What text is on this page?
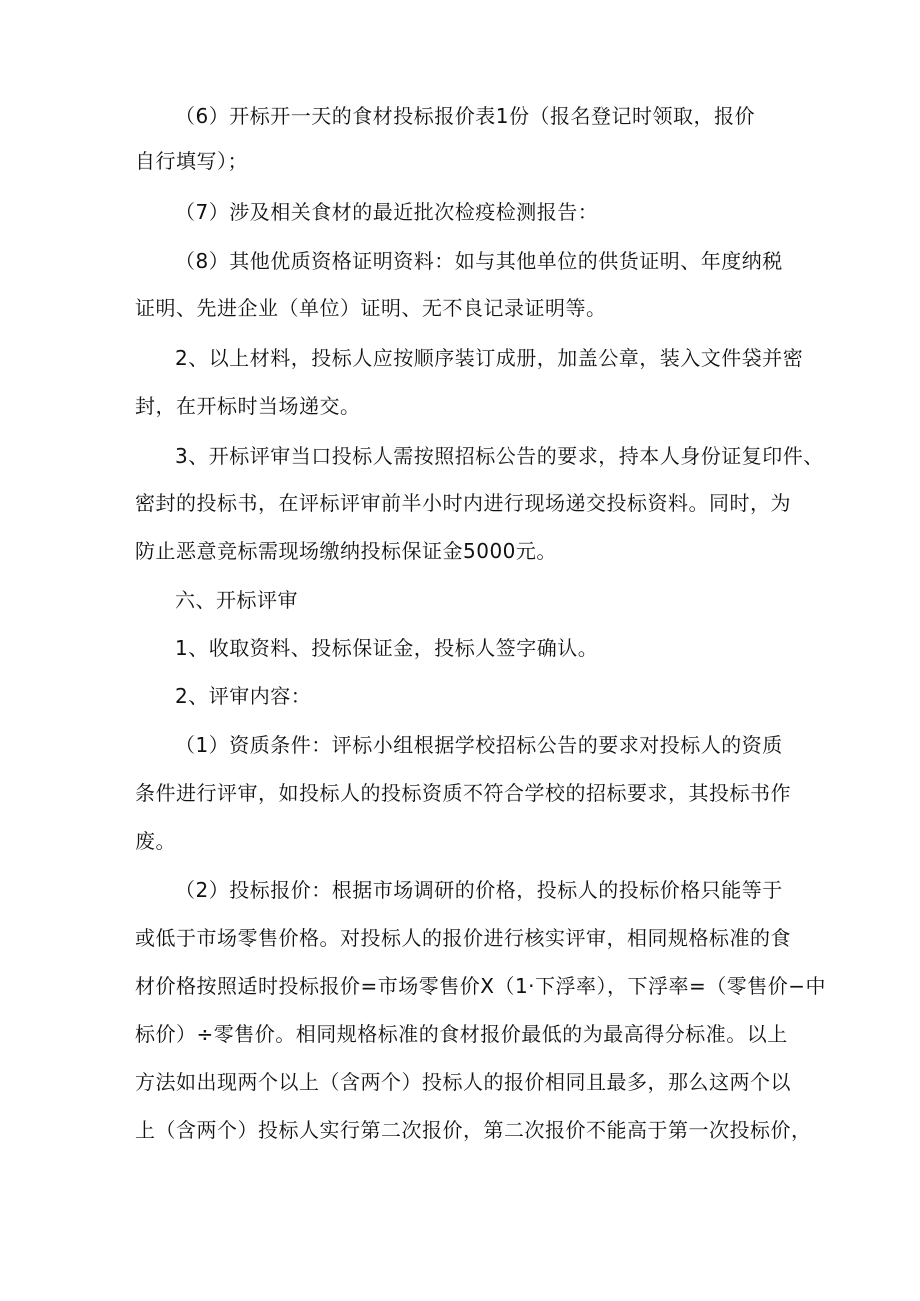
（6）开标开一天的食材投标报价表1份（报名登记时领取，报价
自行填写）；
（7）涉及相关食材的最近批次检疫检测报告：
（8）其他优质资格证明资料：如与其他单位的供货证明、年度纳税
证明、先进企业（单位）证明、无不良记录证明等。
2、以上材料，投标人应按顺序装订成册，加盖公章，装入文件袋并密
封，在开标时当场递交。
3、开标评审当口投标人需按照招标公告的要求，持本人身份证复印件、
密封的投标书，在评标评审前半小时内进行现场递交投标资料。同时，为
防止恶意竞标需现场缴纳投标保证金5000元。
六、开标评审
1、收取资料、投标保证金，投标人签字确认。
2、评审内容：
（1）资质条件：评标小组根据学校招标公告的要求对投标人的资质
条件进行评审，如投标人的投标资质不符合学校的招标要求，其投标书作
废。
（2）投标报价：根据市场调研的价格，投标人的投标价格只能等于
或低于市场零售价格。对投标人的报价进行核实评审，相同规格标准的食
材价格按照适时投标报价=市场零售价X（1·下浮率），下浮率=（零售价−中
标价）÷零售价。相同规格标准的食材报价最低的为最高得分标准。以上
方法如出现两个以上（含两个）投标人的报价相同且最多，那么这两个以
上（含两个）投标人实行第二次报价，第二次报价不能高于第一次投标价，
